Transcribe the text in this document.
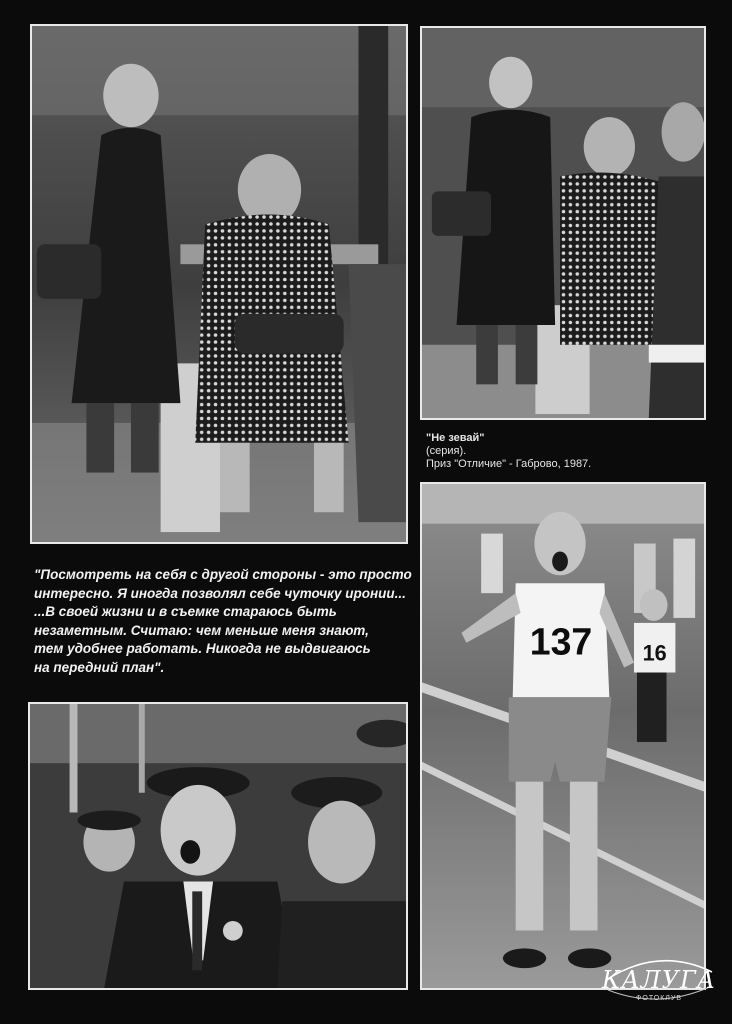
"Не зевай"
(серия).
Приз "Отличие" - Габрово, 1987.
"Посмотреть на себя с другой стороны - это просто
интересно. Я иногда позволял себе чуточку иронии...
...В своей жизни и в съемке стараюсь быть
незаметным. Считаю: чем меньше меня знают,
тем удобнее работать. Никогда не выдвигаюсь
на передний план".
16
137
КАЛУГА
ФОТОКЛУБ
